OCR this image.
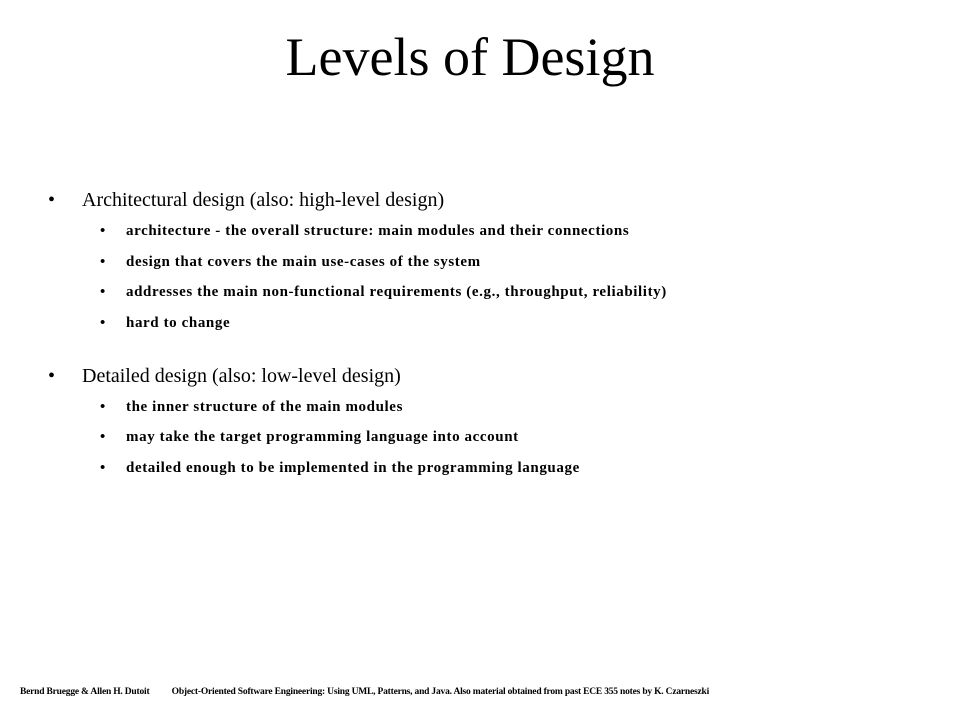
Levels of Design
• Architectural design (also: high-level design)
• architecture - the overall structure: main modules and their connections
• design that covers the main use-cases of the system
• addresses the main non-functional requirements (e.g., throughput, reliability)
• hard to change
• Detailed design (also: low-level design)
• the inner structure of the main modules
• may take the target programming language into account
• detailed enough to be implemented in the programming language
Bernd Bruegge & Allen H. Dutoit Object-Oriented Software Engineering: Using UML, Patterns, and Java. Also material obtained from past ECE 355 notes by K. Czarneszki
